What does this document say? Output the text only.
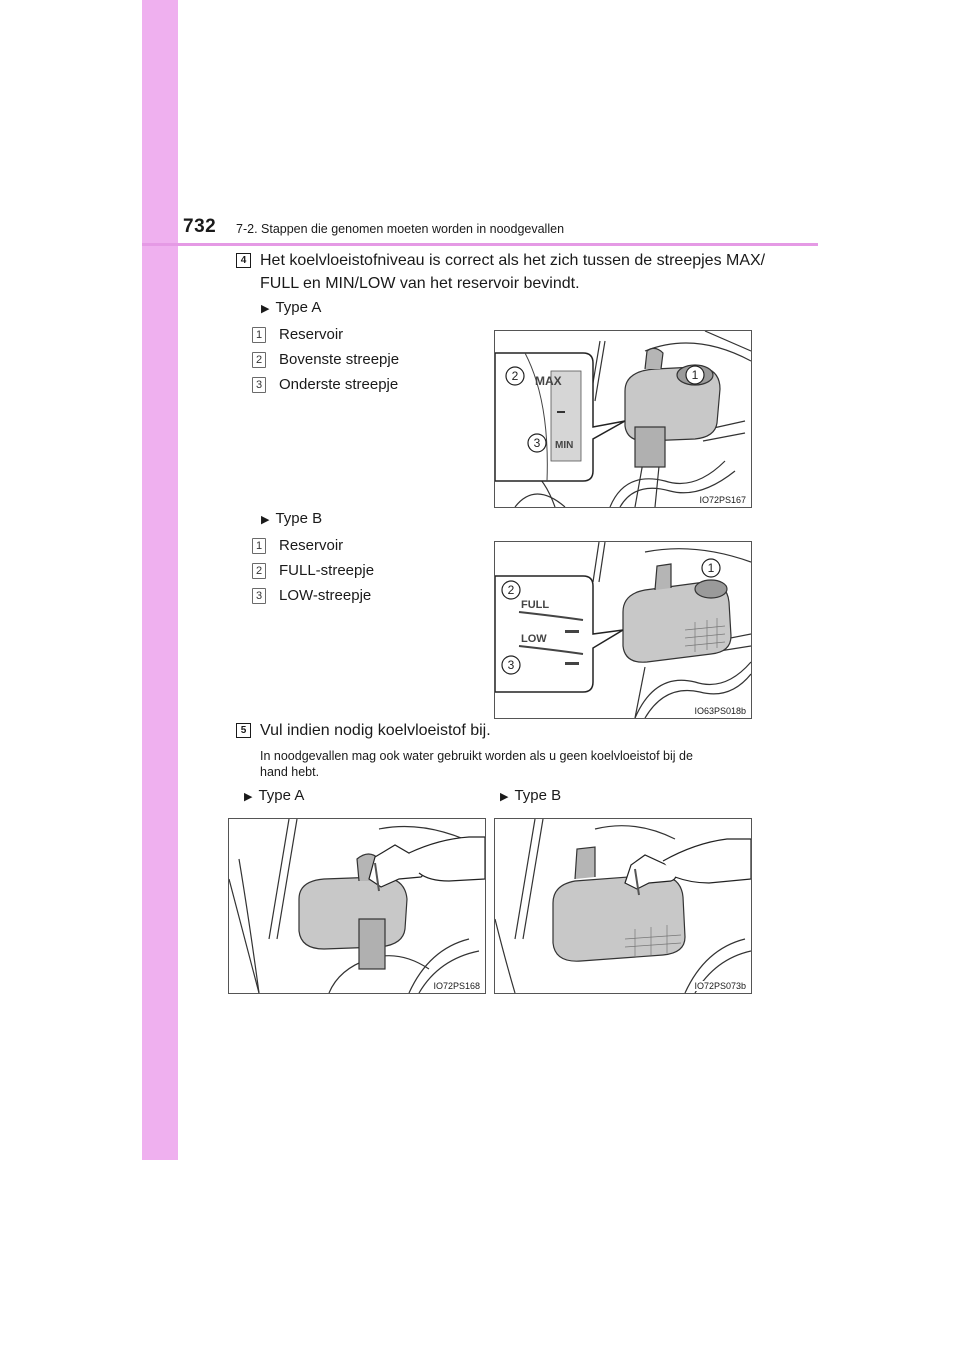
732 7-2. Stappen die genomen moeten worden in noodgevallen
4 Het koelvloeistofniveau is correct als het zich tussen de streepjes MAX/
FULL en MIN/LOW van het reservoir bevindt.
▶ Type A
1 Reservoir
2 Bovenste streepje
3 Onderste streepje	MAX
MIN
1
2
3
IO72PS167
▶ Type B
1 Reservoir
2 FULL-streepje
3 LOW-streepje
FULL
LOW
1
2
3
IO63PS018b
5 Vul indien nodig koelvloeistof bij.
In noodgevallen mag ook water gebruikt worden als u geen koelvloeistof bij de
hand hebt.
▶ Type A	▶ Type B
IO72PS168	IO72PS073b
